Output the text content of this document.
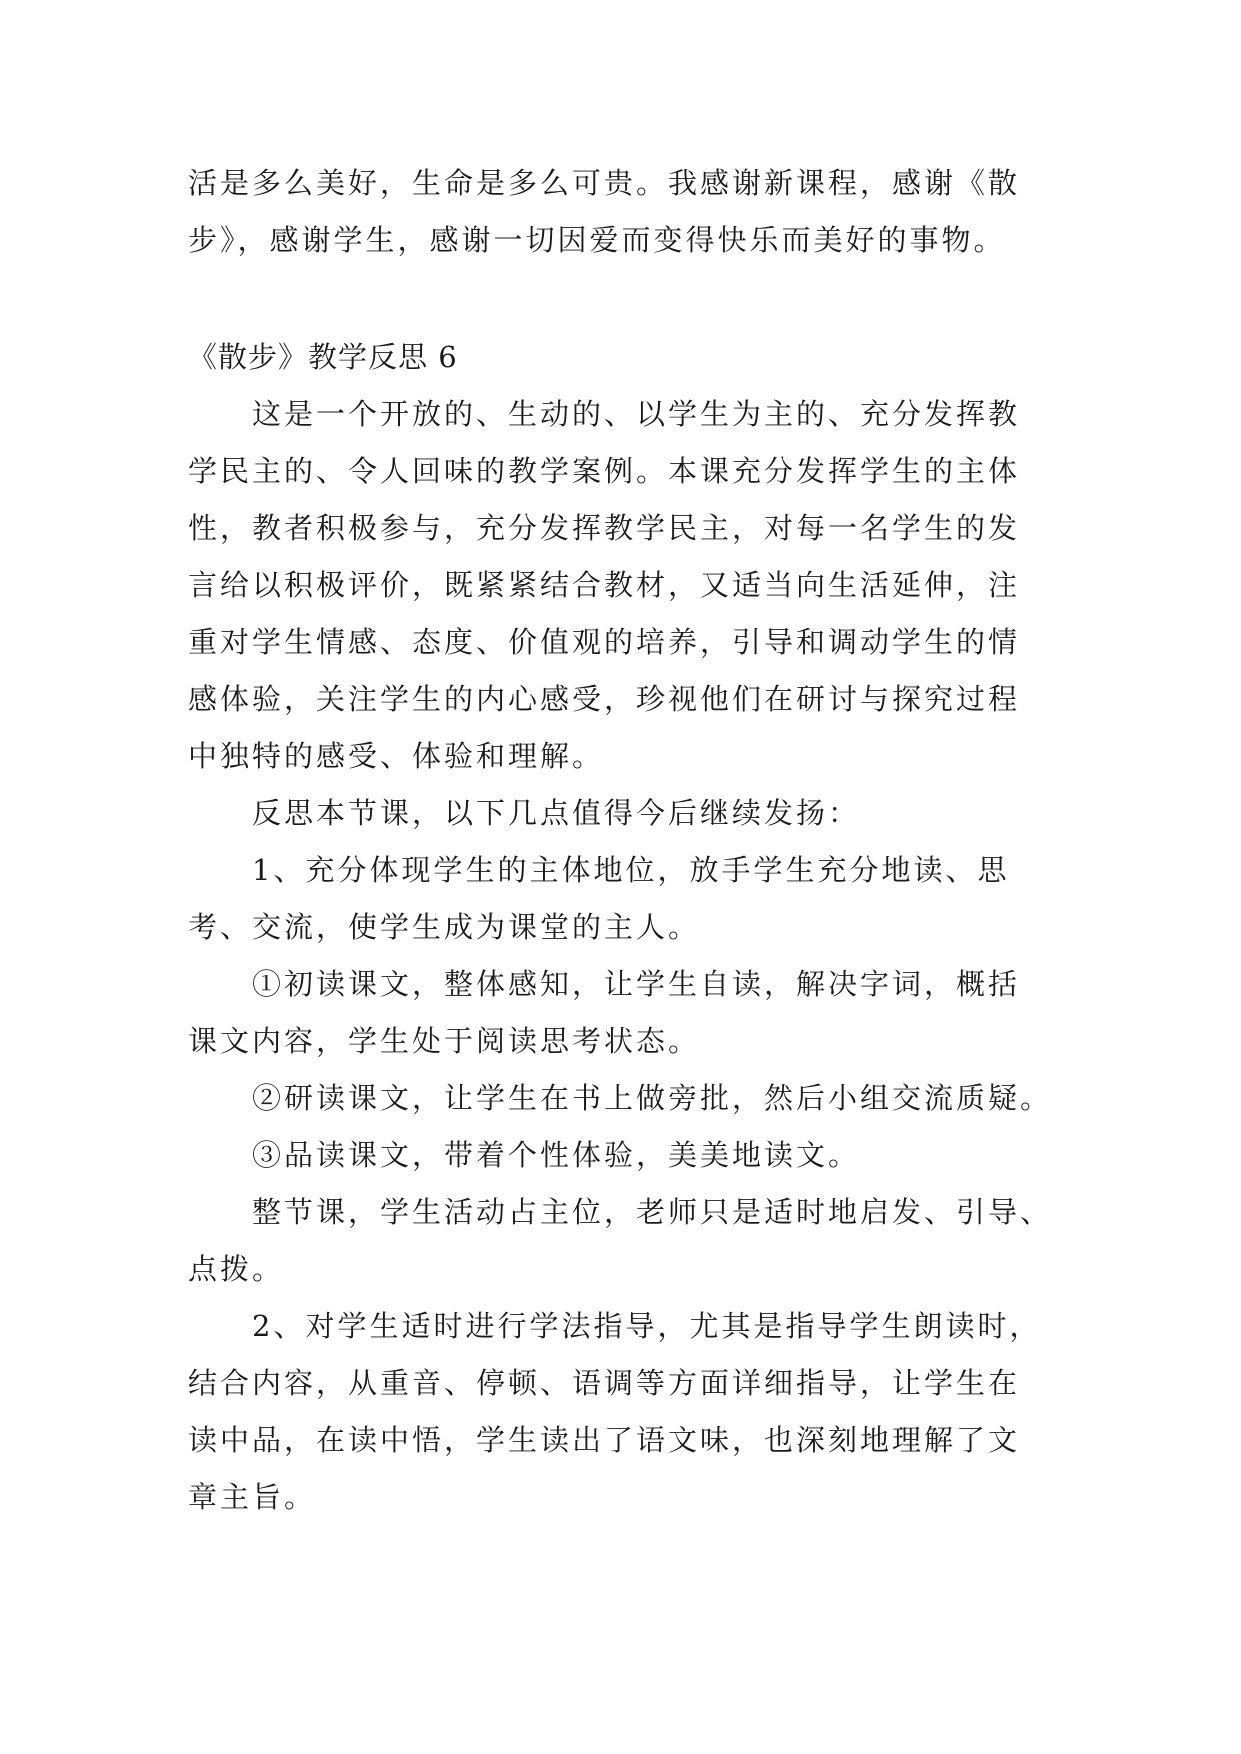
活是多么美好，生命是多么可贵。我感谢新课程，感谢《散
步》，感谢学生，感谢一切因爱而变得快乐而美好的事物。
《散步》教学反思 6
这是一个开放的、生动的、以学生为主的、充分发挥教
学民主的、令人回味的教学案例。本课充分发挥学生的主体
性，教者积极参与，充分发挥教学民主，对每一名学生的发
言给以积极评价，既紧紧结合教材，又适当向生活延伸，注
重对学生情感、态度、价值观的培养，引导和调动学生的情
感体验，关注学生的内心感受，珍视他们在研讨与探究过程
中独特的感受、体验和理解。
反思本节课，以下几点值得今后继续发扬：
1、充分体现学生的主体地位，放手学生充分地读、思
考、交流，使学生成为课堂的主人。
①初读课文，整体感知，让学生自读，解决字词，概括
课文内容，学生处于阅读思考状态。
②研读课文，让学生在书上做旁批，然后小组交流质疑。
③品读课文，带着个性体验，美美地读文。
整节课，学生活动占主位，老师只是适时地启发、引导、
点拨。
2、对学生适时进行学法指导，尤其是指导学生朗读时，
结合内容，从重音、停顿、语调等方面详细指导，让学生在
读中品，在读中悟，学生读出了语文味，也深刻地理解了文
章主旨。
